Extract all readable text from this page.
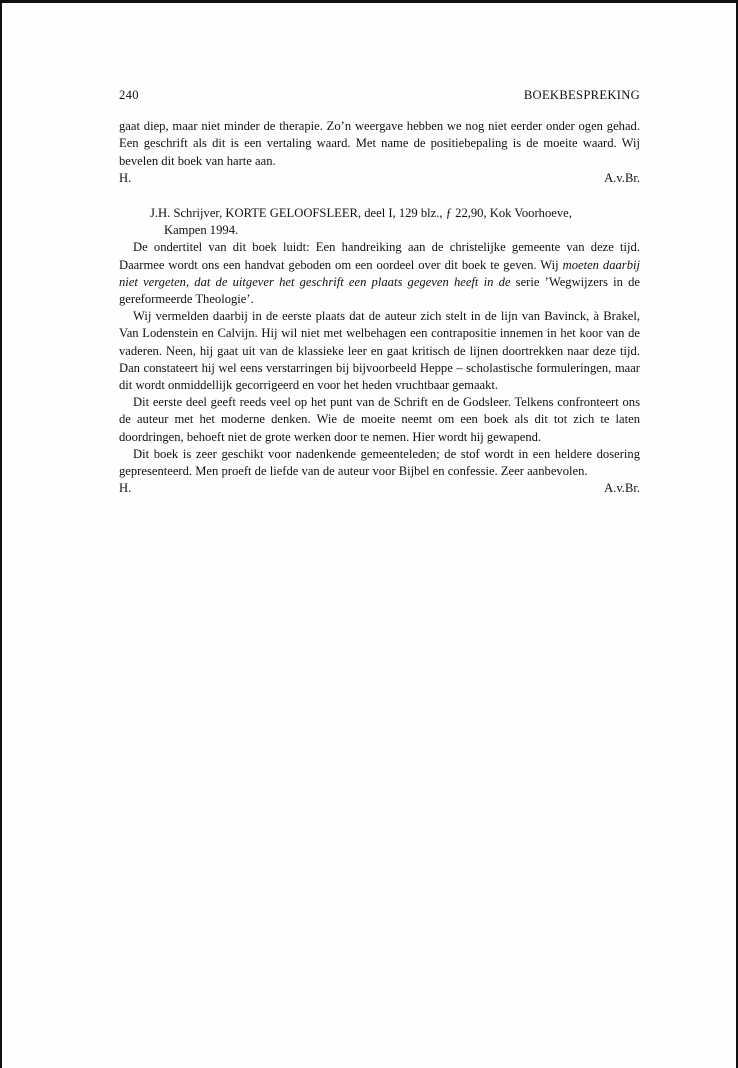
240	BOEKBESPREKING

gaat diep, maar niet minder de therapie. Zo’n weergave hebben we nog niet eerder onder ogen gehad. Een geschrift als dit is een vertaling waard. Met name de positiebepaling is de moeite waard. Wij bevelen dit boek van harte aan.

H.	A.v.Br.
J.H. Schrijver, KORTE GELOOFSLEER, deel I, 129 blz., ƒ 22,90, Kok Voorhoeve,
Kampen 1994.

De ondertitel van dit boek luidt: Een handreiking aan de christelijke gemeente van deze tijd. Daarmee wordt ons een handvat geboden om een oordeel over dit boek te geven. Wij moeten daarbij niet vergeten, dat de uitgever het geschrift een plaats gegeven heeft in de serie ’Wegwijzers in de gereformeerde Theologie’.

Wij vermelden daarbij in de eerste plaats dat de auteur zich stelt in de lijn van Bavinck, à Brakel, Van Lodenstein en Calvijn. Hij wil niet met welbehagen een contrapositie innemen in het koor van de vaderen. Neen, hij gaat uit van de klassieke leer en gaat kritisch de lijnen doortrekken naar deze tijd. Dan constateert hij wel eens verstarringen bij bijvoorbeeld Heppe – scholastische formuleringen, maar dit wordt onmiddellijk gecorrigeerd en voor het heden vruchtbaar gemaakt.

Dit eerste deel geeft reeds veel op het punt van de Schrift en de Godsleer. Telkens confronteert ons de auteur met het moderne denken. Wie de moeite neemt om een boek als dit tot zich te laten doordringen, behoeft niet de grote werken door te nemen. Hier wordt hij gewapend.

Dit boek is zeer geschikt voor nadenkende gemeenteleden; de stof wordt in een heldere dosering gepresenteerd. Men proeft de liefde van de auteur voor Bijbel en confessie. Zeer aanbevolen.

H.	A.v.Br.
